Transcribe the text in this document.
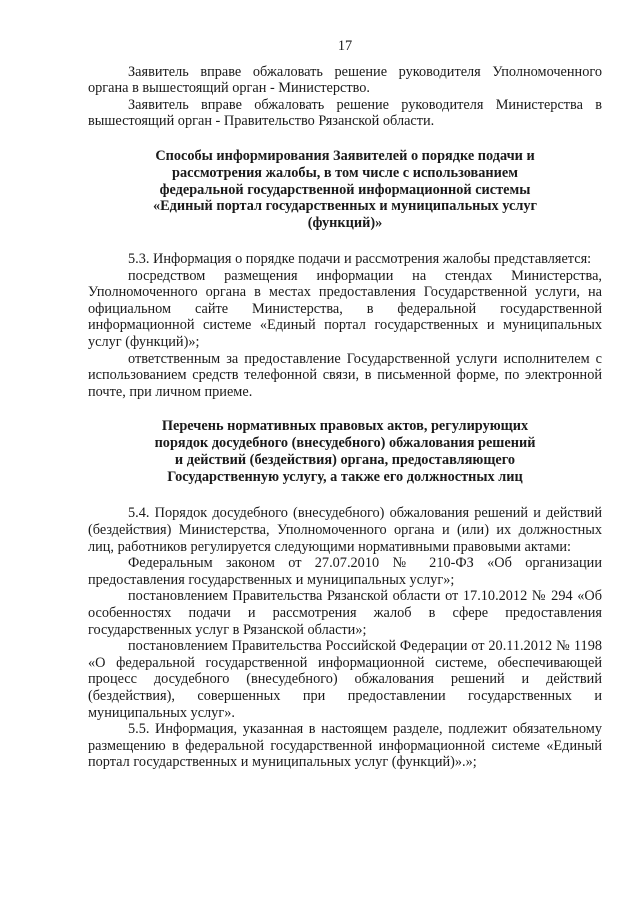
17

Заявитель вправе обжаловать решение руководителя Уполномоченного органа в вышестоящий орган - Министерство.

Заявитель вправе обжаловать решение руководителя Министерства в вышестоящий орган - Правительство Рязанской области.

Способы информирования Заявителей о порядке подачи и
рассмотрения жалобы, в том числе с использованием
федеральной государственной информационной системы
«Единый портал государственных и муниципальных услуг
(функций)»

5.3. Информация о порядке подачи и рассмотрения жалобы представляется:

посредством размещения информации на стендах Министерства, Уполномоченного органа в местах предоставления Государственной услуги, на официальном сайте Министерства, в федеральной государственной информационной системе «Единый портал государственных и муниципальных услуг (функций)»;

ответственным за предоставление Государственной услуги исполнителем с использованием средств телефонной связи, в письменной форме, по электронной почте, при личном приеме.

Перечень нормативных правовых актов, регулирующих
порядок досудебного (внесудебного) обжалования решений
и действий (бездействия) органа, предоставляющего
Государственную услугу, а также его должностных лиц

5.4. Порядок досудебного (внесудебного) обжалования решений и действий (бездействия) Министерства, Уполномоченного органа и (или) их должностных лиц, работников регулируется следующими нормативными правовыми актами:

Федеральным законом от 27.07.2010 № 210-ФЗ «Об организации предоставления государственных и муниципальных услуг»;

постановлением Правительства Рязанской области от 17.10.2012 № 294 «Об особенностях подачи и рассмотрения жалоб в сфере предоставления государственных услуг в Рязанской области»;

постановлением Правительства Российской Федерации от 20.11.2012 № 1198 «О федеральной государственной информационной системе, обеспечивающей процесс досудебного (внесудебного) обжалования решений и действий (бездействия), совершенных при предоставлении государственных и муниципальных услуг».

5.5. Информация, указанная в настоящем разделе, подлежит обязательному размещению в федеральной государственной информационной системе «Единый портал государственных и муниципальных услуг (функций)».»;
